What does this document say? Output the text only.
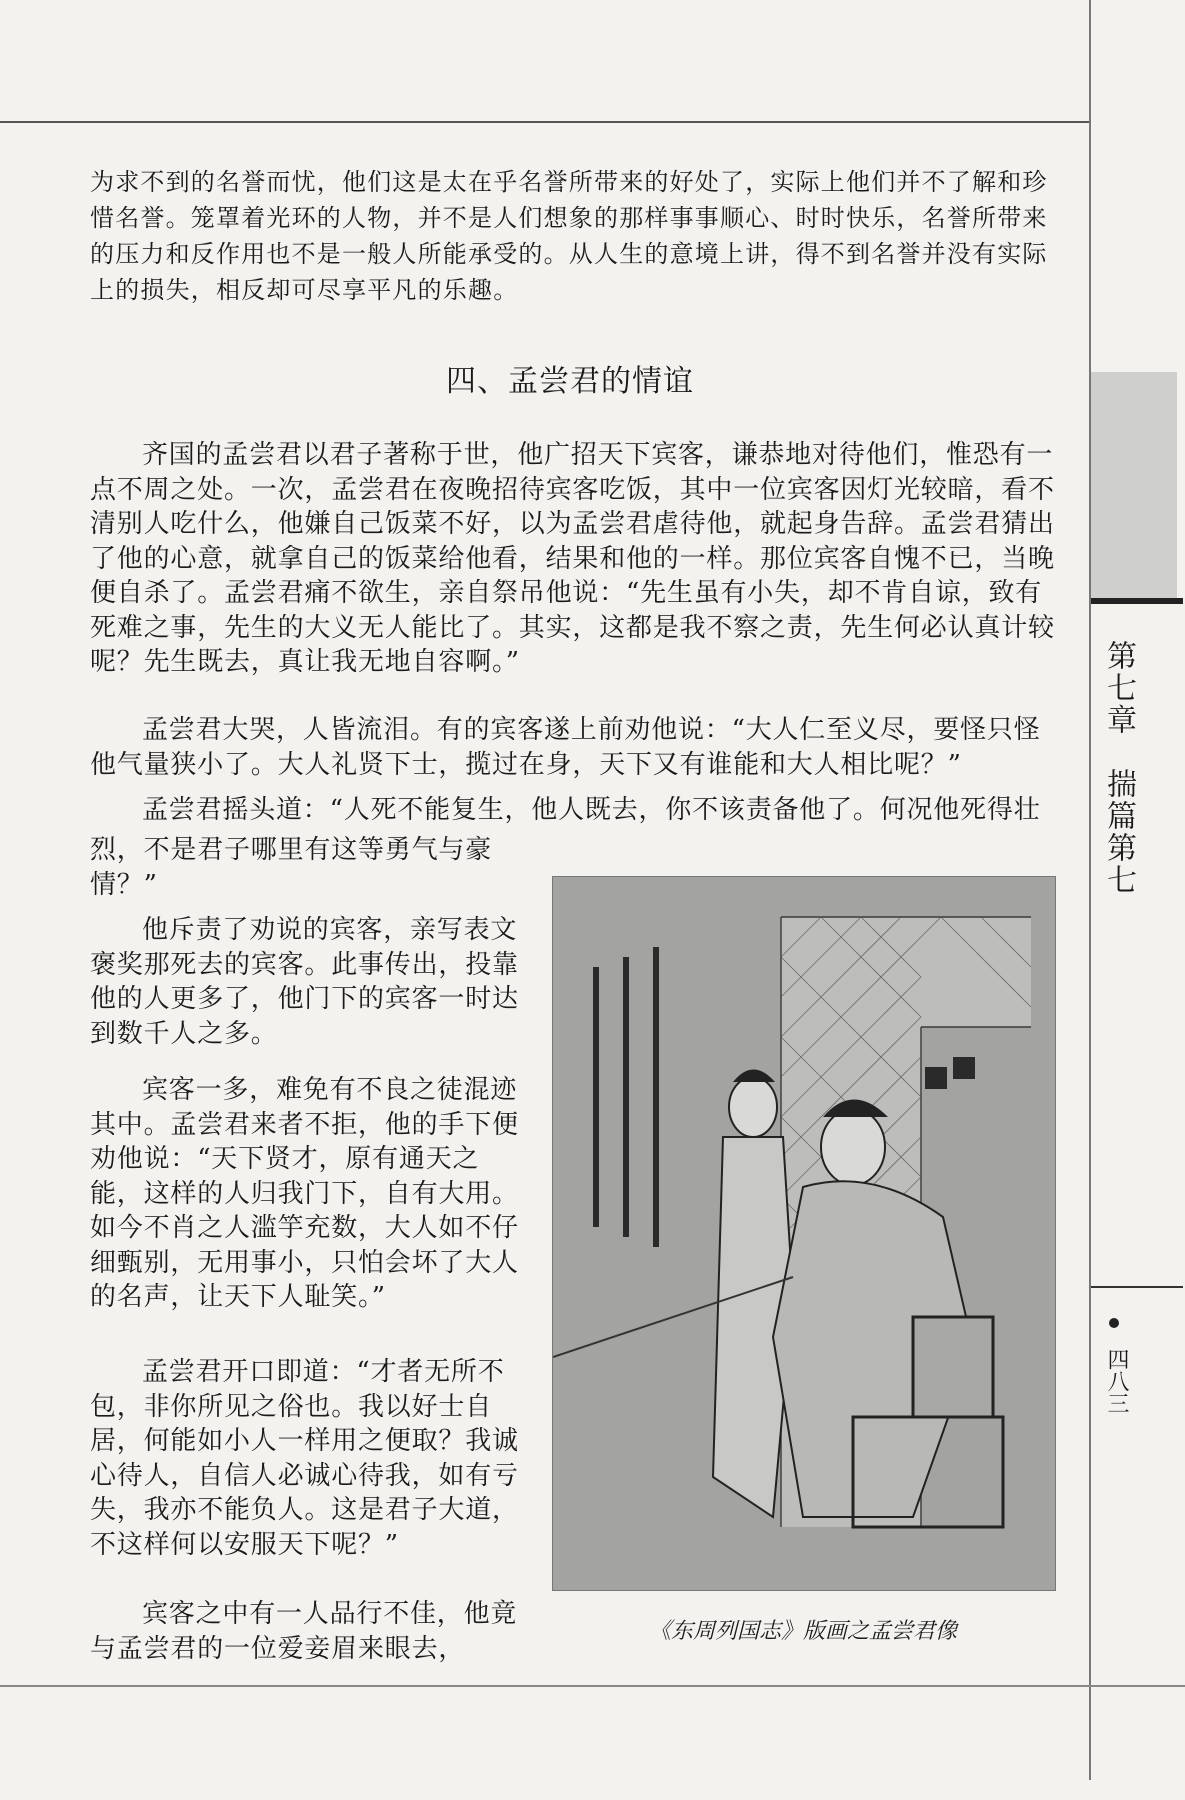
第七章　揣篇第七
四八三
为求不到的名誉而忧，他们这是太在乎名誉所带来的好处了，实际上他们并不了解和珍惜名誉。笼罩着光环的人物，并不是人们想象的那样事事顺心、时时快乐，名誉所带来的压力和反作用也不是一般人所能承受的。从人生的意境上讲，得不到名誉并没有实际上的损失，相反却可尽享平凡的乐趣。
四、孟尝君的情谊
齐国的孟尝君以君子著称于世，他广招天下宾客，谦恭地对待他们，惟恐有一点不周之处。一次，孟尝君在夜晚招待宾客吃饭，其中一位宾客因灯光较暗，看不清别人吃什么，他嫌自己饭菜不好，以为孟尝君虐待他，就起身告辞。孟尝君猜出了他的心意，就拿自己的饭菜给他看，结果和他的一样。那位宾客自愧不已，当晚便自杀了。孟尝君痛不欲生，亲自祭吊他说：“先生虽有小失，却不肯自谅，致有死难之事，先生的大义无人能比了。其实，这都是我不察之责，先生何必认真计较呢？先生既去，真让我无地自容啊。”
孟尝君大哭，人皆流泪。有的宾客遂上前劝他说：“大人仁至义尽，要怪只怪他气量狭小了。大人礼贤下士，揽过在身，天下又有谁能和大人相比呢？”
孟尝君摇头道：“人死不能复生，他人既去，你不该责备他了。何况他死得壮
烈，不是君子哪里有这等勇气与豪情？”
他斥责了劝说的宾客，亲写表文褒奖那死去的宾客。此事传出，投靠他的人更多了，他门下的宾客一时达到数千人之多。
宾客一多，难免有不良之徒混迹其中。孟尝君来者不拒，他的手下便劝他说：“天下贤才，原有通天之能，这样的人归我门下，自有大用。如今不肖之人滥竽充数，大人如不仔细甄别，无用事小，只怕会坏了大人的名声，让天下人耻笑。”
孟尝君开口即道：“才者无所不包，非你所见之俗也。我以好士自居，何能如小人一样用之便取？我诚心待人，自信人必诚心待我，如有亏失，我亦不能负人。这是君子大道，不这样何以安服天下呢？”
宾客之中有一人品行不佳，他竟与孟尝君的一位爱妾眉来眼去，
《东周列国志》版画之孟尝君像
